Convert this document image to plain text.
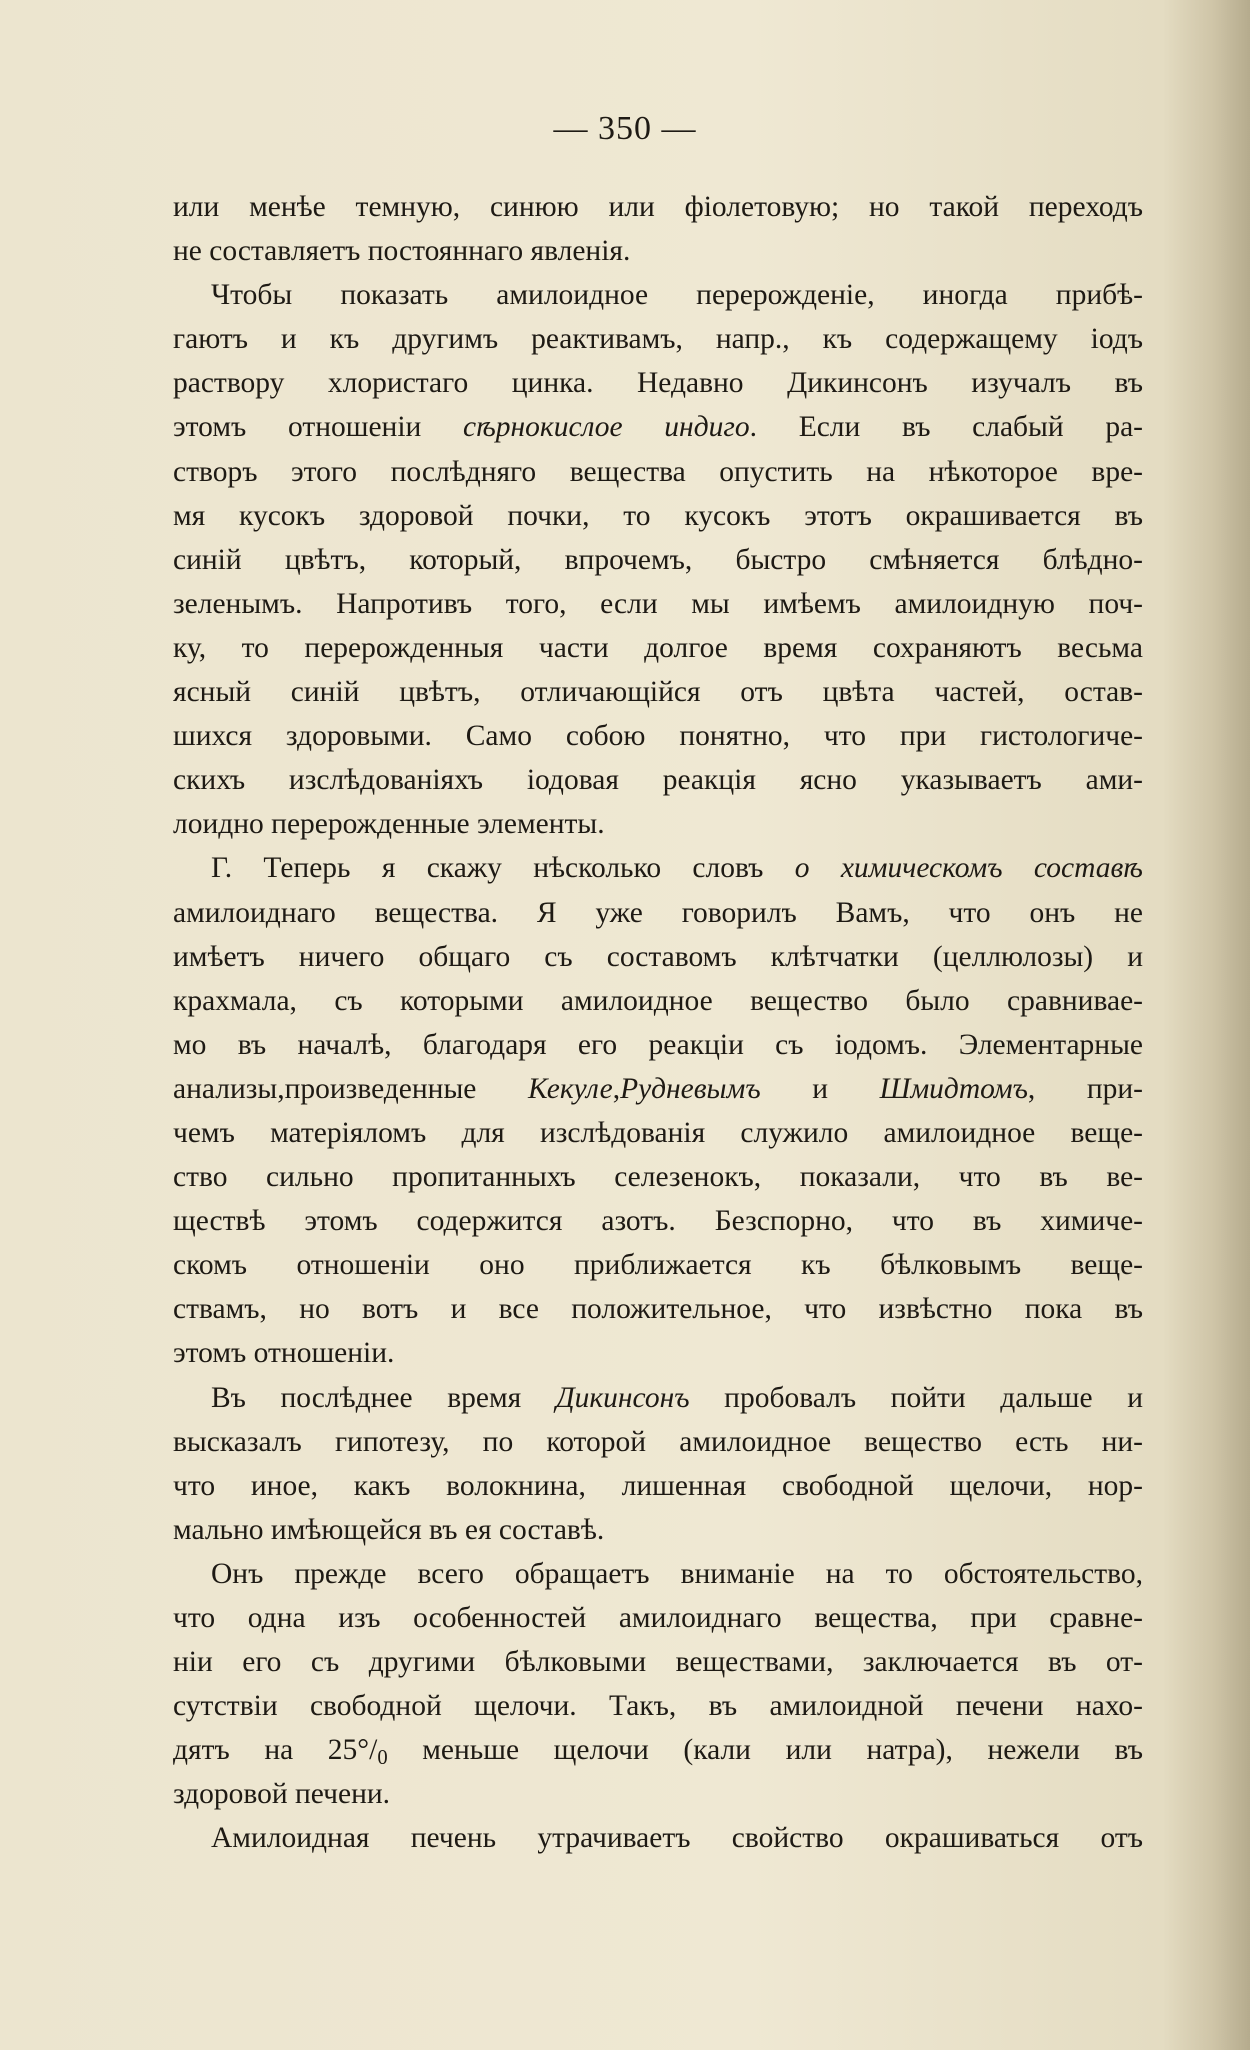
— 350 —
или менѣе темную, синюю или фіолетовую; но такой переходъ
не составляетъ постояннаго явленія.
Чтобы показать амилоидное перерожденіе, иногда прибѣ-
гаютъ и къ другимъ реактивамъ, напр., къ содержащему іодъ
раствору хлористаго цинка. Недавно Дикинсонъ изучалъ въ
этомъ отношеніи сѣрнокислое индиго. Если въ слабый ра-
створъ этого послѣдняго вещества опустить на нѣкоторое вре-
мя кусокъ здоровой почки, то кусокъ этотъ окрашивается въ
синій цвѣтъ, который, впрочемъ, быстро смѣняется блѣдно-
зеленымъ. Напротивъ того, если мы имѣемъ амилоидную поч-
ку, то перерожденныя части долгое время сохраняютъ весьма
ясный синій цвѣтъ, отличающійся отъ цвѣта частей, остав-
шихся здоровыми. Само собою понятно, что при гистологиче-
скихъ изслѣдованіяхъ іодовая реакція ясно указываетъ ами-
лоидно перерожденные элементы.
Г. Теперь я скажу нѣсколько словъ о химическомъ составѣ
амилоиднаго вещества. Я уже говорилъ Вамъ, что онъ не
имѣетъ ничего общаго съ составомъ клѣтчатки (целлюлозы) и
крахмала, съ которыми амилоидное вещество было сравнивае-
мо въ началѣ, благодаря его реакціи съ іодомъ. Элементарные
анализы,произведенные Кекуле,Рудневымъ и Шмидтомъ, при-
чемъ матеріяломъ для изслѣдованія служило амилоидное веще-
ство сильно пропитанныхъ селезенокъ, показали, что въ ве-
ществѣ этомъ содержится азотъ. Безспорно, что въ химиче-
скомъ отношеніи оно приближается къ бѣлковымъ веще-
ствамъ, но вотъ и все положительное, что извѣстно пока въ
этомъ отношеніи.
Въ послѣднее время Дикинсонъ пробовалъ пойти дальше и
высказалъ гипотезу, по которой амилоидное вещество есть ни-
что иное, какъ волокнина, лишенная свободной щелочи, нор-
мально имѣющейся въ ея составѣ.
Онъ прежде всего обращаетъ вниманіе на то обстоятельство,
что одна изъ особенностей амилоиднаго вещества, при сравне-
ніи его съ другими бѣлковыми веществами, заключается въ от-
сутствіи свободной щелочи. Такъ, въ амилоидной печени нахо-
дятъ на $25^\circ/_0$ меньше щелочи (кали или натра), нежели въ
здоровой печени.
Амилоидная печень утрачиваетъ свойство окрашиваться отъ
